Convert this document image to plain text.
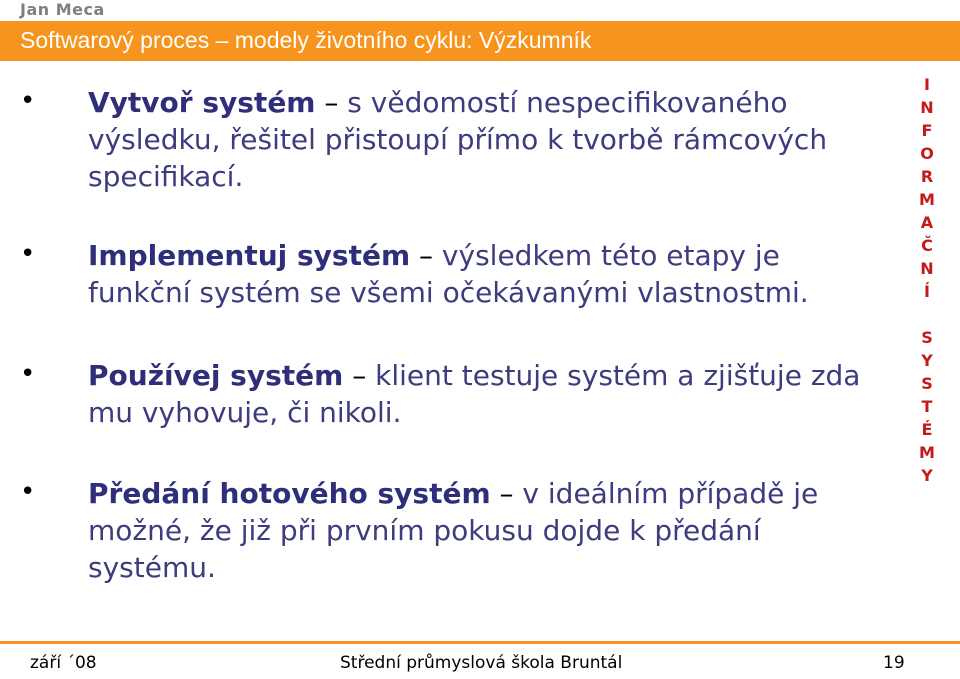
Jan Meca
Softwarový proces – modely životního cyklu: Výzkumník
• Vytvoř systém – s vědomostí nespecifikovaného výsledku, řešitel přistoupí přímo k tvorbě rámcových specifikací.
• Implementuj systém – výsledkem této etapy je funkční systém se všemi očekávanými vlastnostmi.
• Používej systém – klient testuje systém a zjišťuje zda mu vyhovuje, či nikoli.
• Předání hotového systém – v ideálním případě je možné, že již při prvním pokusu dojde k předání systému.
I
N
F
O
R
M
A
Č
N
Í
S
Y
S
T
É
M
Y
září ´08	Střední průmyslová škola Bruntál	19
